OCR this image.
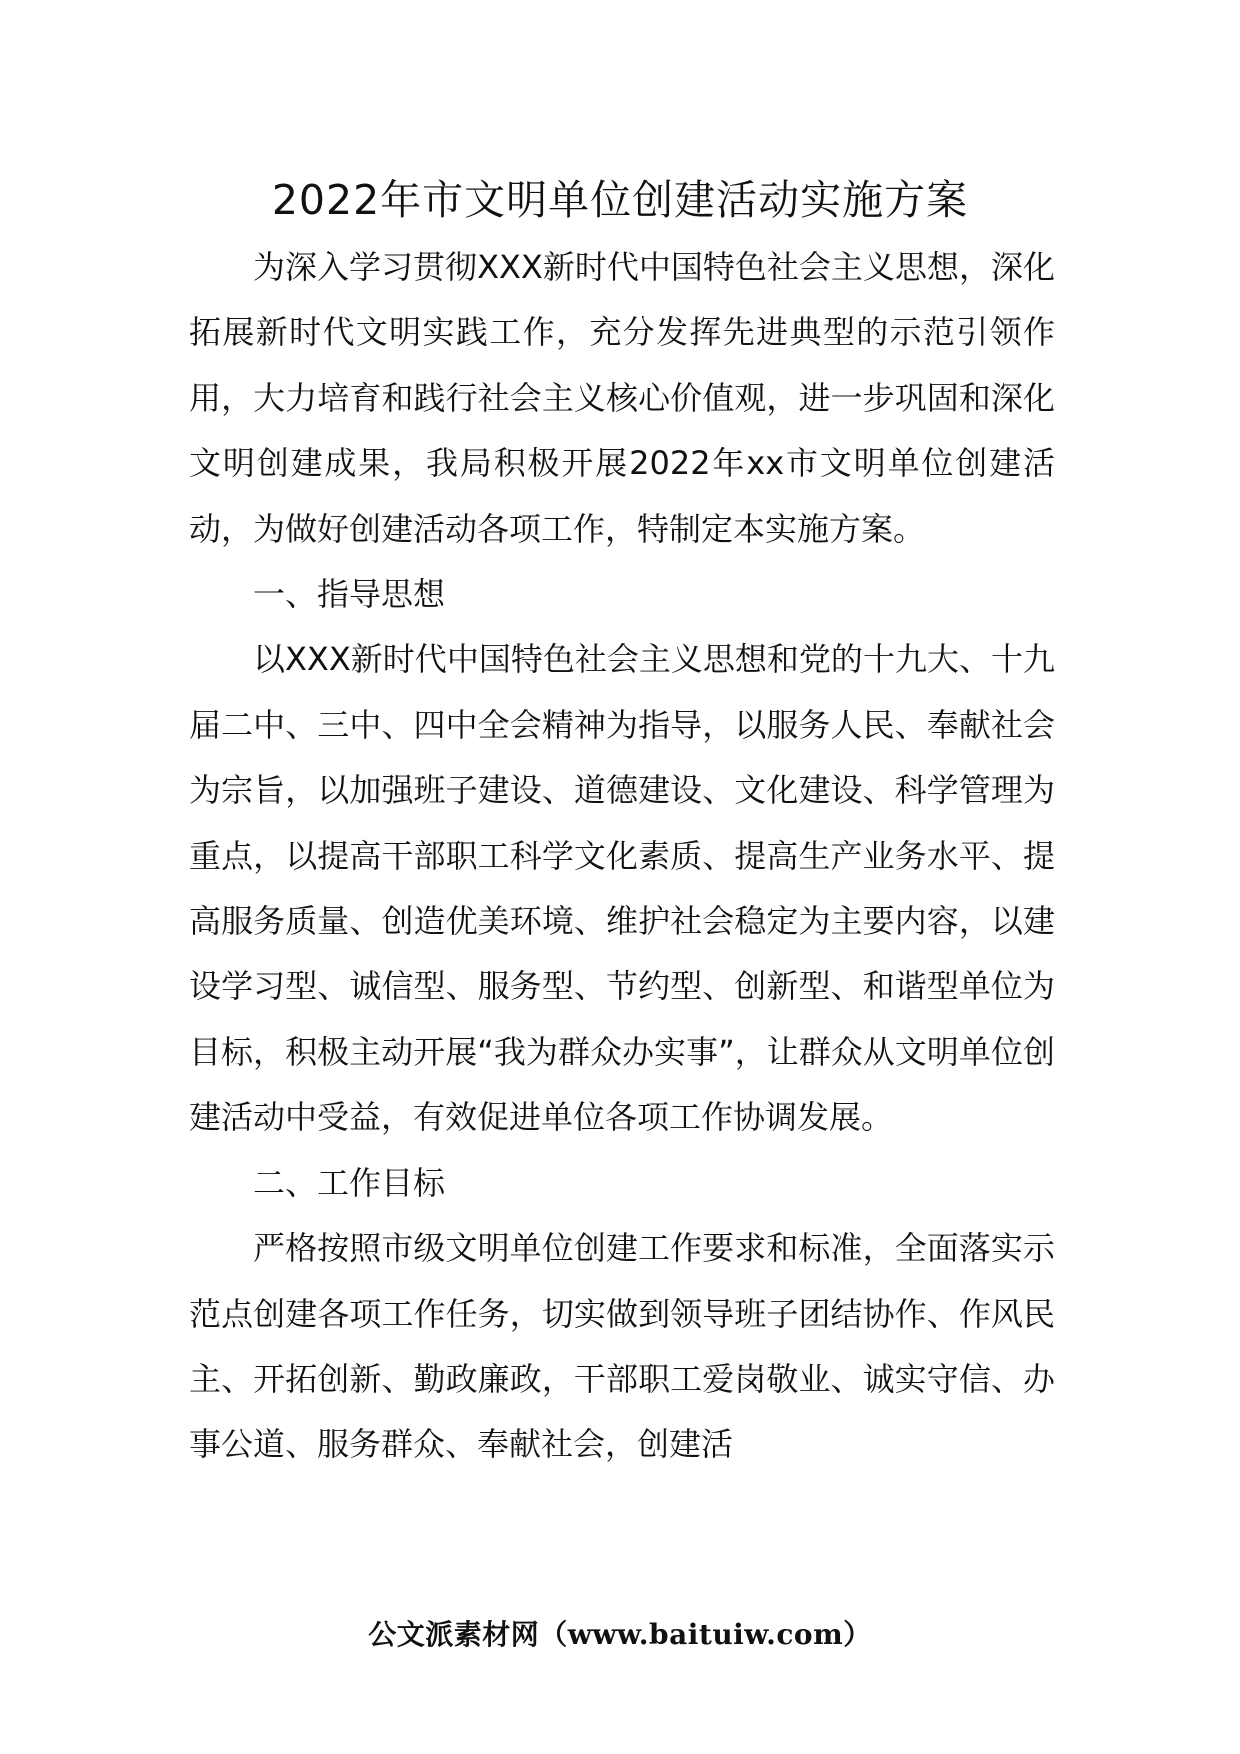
2022年市文明单位创建活动实施方案

为深入学习贯彻XXX新时代中国特色社会主义思想，深化拓展新时代文明实践工作，充分发挥先进典型的示范引领作用，大力培育和践行社会主义核心价值观，进一步巩固和深化文明创建成果，我局积极开展2022年xx市文明单位创建活动，为做好创建活动各项工作，特制定本实施方案。

一、指导思想

以XXX新时代中国特色社会主义思想和党的十九大、十九届二中、三中、四中全会精神为指导，以服务人民、奉献社会为宗旨，以加强班子建设、道德建设、文化建设、科学管理为重点，以提高干部职工科学文化素质、提高生产业务水平、提高服务质量、创造优美环境、维护社会稳定为主要内容，以建设学习型、诚信型、服务型、节约型、创新型、和谐型单位为目标，积极主动开展“我为群众办实事”，让群众从文明单位创建活动中受益，有效促进单位各项工作协调发展。

二、工作目标

严格按照市级文明单位创建工作要求和标准，全面落实示范点创建各项工作任务，切实做到领导班子团结协作、作风民主、开拓创新、勤政廉政，干部职工爱岗敬业、诚实守信、办事公道、服务群众、奉献社会，创建活

公文派素材网（www.baituiw.com）
